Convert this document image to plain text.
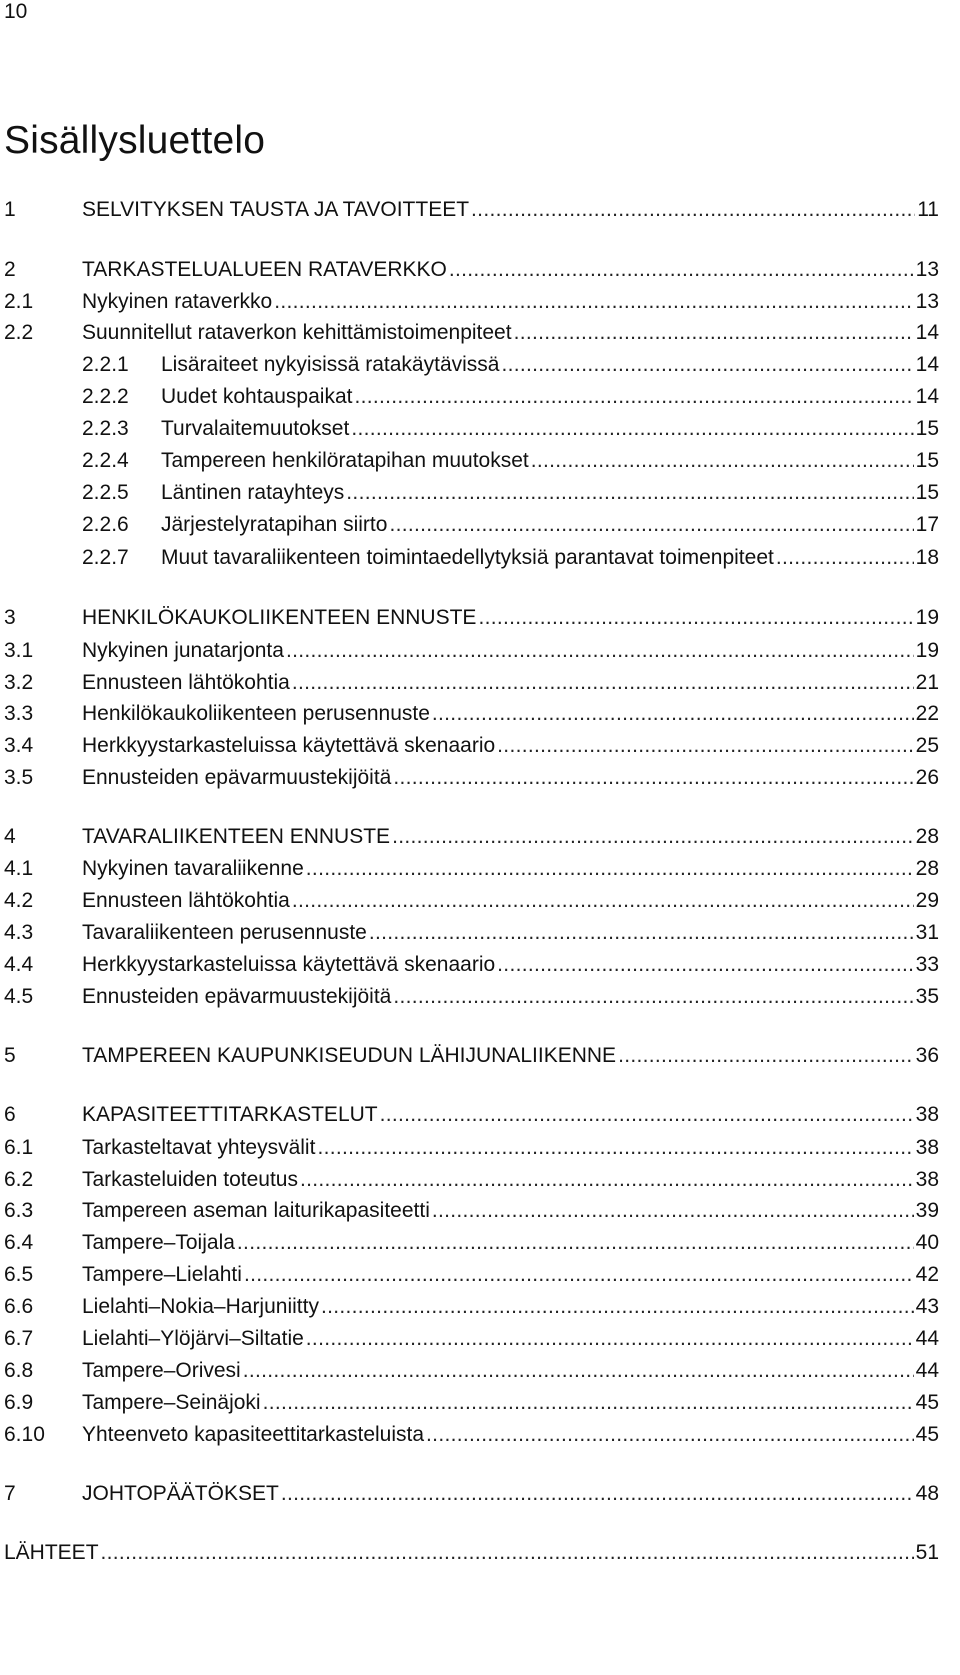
10
Sisällysluettelo
1	SELVITYKSEN TAUSTA JA TAVOITTEET .....	11
2	TARKASTELUALUEEN RATAVERKKO .....	13
2.1	Nykyinen rataverkko .....	13
2.2	Suunnitellut rataverkon kehittämistoimenpiteet .....	14
2.2.1	Lisäraiteet nykyisissä ratakäytävissä .....	14
2.2.2	Uudet kohtauspaikat .....	14
2.2.3	Turvalaitemuutokset .....	15
2.2.4	Tampereen henkilöratapihan muutokset .....	15
2.2.5	Läntinen ratayhteys .....	15
2.2.6	Järjestelyratapihan siirto .....	17
2.2.7	Muut tavaraliikenteen toimintaedellytyksiä parantavat toimenpiteet .....	18
3	HENKILÖKAUKOLIIKENTEEN ENNUSTE .....	19
3.1	Nykyinen junatarjonta .....	19
3.2	Ennusteen lähtökohtia .....	21
3.3	Henkilökaukoliikenteen perusennuste .....	22
3.4	Herkkyystarkasteluissa käytettävä skenaario .....	25
3.5	Ennusteiden epävarmuustekijöitä .....	26
4	TAVARALIIKENTEEN ENNUSTE .....	28
4.1	Nykyinen tavaraliikenne .....	28
4.2	Ennusteen lähtökohtia .....	29
4.3	Tavaraliikenteen perusennuste .....	31
4.4	Herkkyystarkasteluissa käytettävä skenaario .....	33
4.5	Ennusteiden epävarmuustekijöitä .....	35
5	TAMPEREEN KAUPUNKISEUDUN LÄHIJUNALIIKENNE .....	36
6	KAPASITEETTITARKASTELUT .....	38
6.1	Tarkasteltavat yhteysvälit .....	38
6.2	Tarkasteluiden toteutus .....	38
6.3	Tampereen aseman laiturikapasiteetti .....	39
6.4	Tampere–Toijala .....	40
6.5	Tampere–Lielahti .....	42
6.6	Lielahti–Nokia–Harjuniitty .....	43
6.7	Lielahti–Ylöjärvi–Siltatie .....	44
6.8	Tampere–Orivesi .....	44
6.9	Tampere–Seinäjoki .....	45
6.10	Yhteenveto kapasiteettitarkasteluista .....	45
7	JOHTOPÄÄTÖKSET .....	48
LÄHTEET .....	51
